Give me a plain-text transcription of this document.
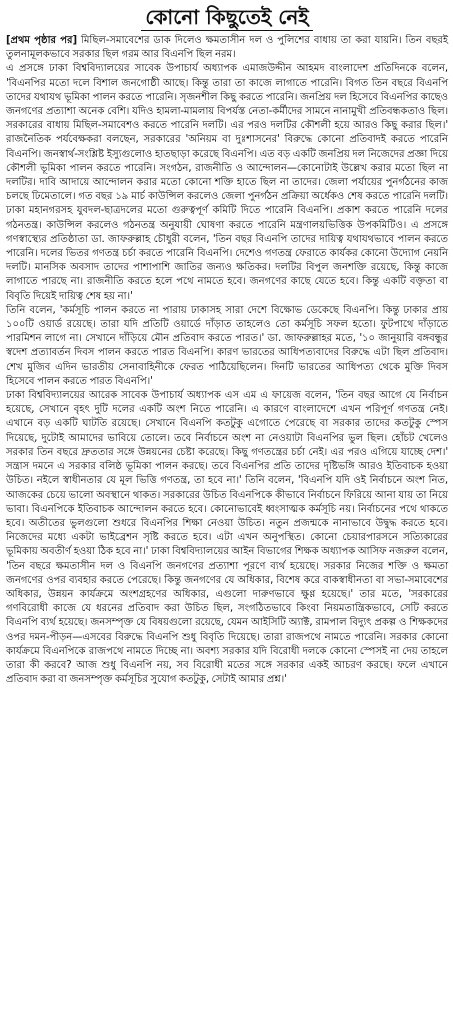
কোনো কিছুতেই নেই

[প্রথম পৃষ্ঠার পর] মিছিল-সমাবেশের ডাক দিলেও ক্ষমতাসীন দল ও পুলিশের বাধায় তা করা যায়নি। তিন বছরই তুলনামূলকভাবে সরকার ছিল গরম আর বিএনপি ছিল নরম।

এ প্রসঙ্গে ঢাকা বিশ্ববিদ্যালয়ের সাবেক উপাচার্য অধ্যাপক এমাজউদ্দীন আহমদ বাংলাদেশ প্রতিদিনকে বলেন, 'বিএনপির মতো দলে বিশাল জনগোষ্ঠী আছে। কিন্তু তারা তা কাজে লাগাতে পারেনি। বিগত তিন বছরে বিএনপি তাদের যথাযথ ভূমিকা পালন করতে পারেনি। সৃজনশীল কিছু করতে পারেনি। জনপ্রিয় দল হিসেবে বিএনপির কাছেও জনগণের প্রত্যাশা অনেক বেশি। যদিও হামলা-মামলায় বিপর্যস্ত নেতা-কর্মীদের সামনে নানামুখী প্রতিবন্ধকতাও ছিল। সরকারের বাধায় মিছিল-সমাবেশও করতে পারেনি দলটি। এর পরও দলটির কৌশলী হয়ে আরও কিছু করার ছিল।' রাজনৈতিক পর্যবেক্ষকরা বলছেন, সরকারের 'অনিয়ম বা দুঃশাসনের' বিরুদ্ধে কোনো প্রতিবাদই করতে পারেনি বিএনপি। জনস্বার্থ-সংশ্লিষ্ট ইস্যুগুলোও হাতছাড়া করেছে বিএনপি। এত বড় একটি জনপ্রিয় দল নিজেদের প্রজ্ঞা দিয়ে কৌশলী ভূমিকা পালন করতে পারেনি। সংগঠন, রাজনীতি ও আন্দোলন—কোনোটাই উল্লেখ করার মতো ছিল না দলটির। দাবি আদায়ে আন্দোলন করার মতো কোনো শক্তি হাতে ছিল না তাদের। জেলা পর্যায়ের পুনর্গঠনের কাজ চলছে ঢিমেতালে। গত বছর ১৯ মার্চ কাউন্সিল করলেও জেলা পুনর্গঠন প্রক্রিয়া অর্ধেকও শেষ করতে পারেনি দলটি। ঢাকা মহানগরসহ যুবদল-ছাত্রদলের মতো গুরুত্বপূর্ণ কমিটি দিতে পারেনি বিএনপি। প্রকাশ করতে পারেনি দলের গঠনতন্ত্র। কাউন্সিল করলেও গঠনতন্ত্র অনুযায়ী ঘোষণা করতে পারেনি মন্ত্রণালয়ভিত্তিক উপকমিটিও। এ প্রসঙ্গে গণস্বাস্থ্যের প্রতিষ্ঠাতা ডা. জাফরুল্লাহ চৌধুরী বলেন, 'তিন বছর বিএনপি তাদের দায়িত্ব যথাযথভাবে পালন করতে পারেনি। দলের ভিতর গণতন্ত্র চর্চা করতে পারেনি বিএনপি। দেশেও গণতন্ত্র ফেরাতে কার্যকর কোনো উদ্যোগ নেয়নি দলটি। মানসিক অবসাদ তাদের পাশাপাশি জাতির জন্যও ক্ষতিকর। দলটির বিপুল জনশক্তি রয়েছে, কিন্তু কাজে লাগাতে পারছে না। রাজনীতি করতে হলে পথে নামতে হবে। জনগণের কাছে যেতে হবে। কিন্তু একটি বক্তৃতা বা বিবৃতি দিয়েই দায়িত্ব শেষ হয় না।'

তিনি বলেন, 'কর্মসূচি পালন করতে না পারায় ঢাকাসহ সারা দেশে বিক্ষোভ ডেকেছে বিএনপি। কিন্তু ঢাকার প্রায় ১০০টি ওয়ার্ড রয়েছে। তারা যদি প্রতিটি ওয়ার্ডে দাঁড়াত তাহলেও তো কর্মসূচি সফল হতো। ফুটপাথে দাঁড়াতে পারমিশন লাগে না। সেখানে দাঁড়িয়ে মৌন প্রতিবাদ করতে পারত।' ডা. জাফরুল্লাহর মতে, '১০ জানুয়ারি বঙ্গবন্ধুর স্বদেশ প্রত্যাবর্তন দিবস পালন করতে পারত বিএনপি। কারণ ভারতের আধিপত্যবাদের বিরুদ্ধে এটা ছিল প্রতিবাদ। শেখ মুজিব এদিন ভারতীয় সেনাবাহিনীকে ফেরত পাঠিয়েছিলেন। দিনটি ভারতের আধিপত্য থেকে মুক্তি দিবস হিসেবে পালন করতে পারত বিএনপি।'

ঢাকা বিশ্ববিদ্যালয়ের আরেক সাবেক উপাচার্য অধ্যাপক এস এম এ ফায়েজ বলেন, 'তিন বছর আগে যে নির্বাচন হয়েছে, সেখানে বৃহৎ দুটি দলের একটি অংশ নিতে পারেনি। এ কারণে বাংলাদেশে এখন পরিপূর্ণ গণতন্ত্র নেই। এখানে বড় একটি ঘাটতি রয়েছে। সেখানে বিএনপি কতটুকু এগোতে পেরেছে বা সরকার তাদের কতটুকু স্পেস দিয়েছে, দুটোই আমাদের ভাবিয়ে তোলে। তবে নির্বাচনে অংশ না নেওয়াটা বিএনপির ভুল ছিল। হোঁচট খেলেও সরকার তিন বছরে দ্রুততার সঙ্গে উন্নয়নের চেষ্টা করেছে। কিছু গণতন্ত্রের চর্চা নেই। এর পরও এগিয়ে যাচ্ছে দেশ।' সন্ত্রাস দমনে এ সরকার বলিষ্ঠ ভূমিকা পালন করছে। তবে বিএনপির প্রতি তাদের দৃষ্টিভঙ্গি আরও ইতিবাচক হওয়া উচিত। নইলে স্বাধীনতার যে মূল ভিত্তি গণতন্ত্র, তা হবে না।' তিনি বলেন, 'বিএনপি যদি ওই নির্বাচনে অংশ নিত, আজকের চেয়ে ভালো অবস্থানে থাকত। সরকারের উচিত বিএনপিকে কীভাবে নির্বাচনে ফিরিয়ে আনা যায় তা নিয়ে ভাবা। বিএনপিকে ইতিবাচক আন্দোলন করতে হবে। কোনোভাবেই ধ্বংসাত্মক কর্মসূচি নয়। নির্বাচনের পথে থাকতে হবে। অতীতের ভুলগুলো শুধরে বিএনপির শিক্ষা নেওয়া উচিত। নতুন প্রজন্মকে নানাভাবে উদ্বুদ্ধ করতে হবে। নিজেদের মধ্যে একটা ভাইব্রেশন সৃষ্টি করতে হবে। এটা এখন অনুপস্থিত। কোনো চেয়ারপারসনে সত্যিকারের ভূমিকায় অবতীর্ণ হওয়া ঠিক হবে না।' ঢাকা বিশ্ববিদ্যালয়ের আইন বিভাগের শিক্ষক অধ্যাপক আসিফ নজরুল বলেন, 'তিন বছরে ক্ষমতাসীন দল ও বিএনপি জনগণের প্রত্যাশা পূরণে ব্যর্থ হয়েছে। সরকার নিজের শক্তি ও ক্ষমতা জনগণের ওপর ব্যবহার করতে পেরেছে। কিন্তু জনগণের যে অধিকার, বিশেষ করে বাকস্বাধীনতা বা সভা-সমাবেশের অধিকার, উন্নয়ন কার্যক্রমে অংশগ্রহণের অধিকার, এগুলো দারুণভাবে ক্ষুণ্ণ হয়েছে।' তার মতে, 'সরকারের গণবিরোধী কাজে যে ধরনের প্রতিবাদ করা উচিত ছিল, সংগঠিতভাবে কিংবা নিয়মতান্ত্রিকভাবে, সেটি করতে বিএনপি ব্যর্থ হয়েছে। জনসম্পৃক্ত যে বিষয়গুলো রয়েছে, যেমন আইসিটি অ্যাক্ট, রামপাল বিদ্যুৎ প্রকল্প ও শিক্ষকদের ওপর দমন-পীড়ন—এসবের বিরুদ্ধে বিএনপি শুধু বিবৃতি দিয়েছে। তারা রাজপথে নামতে পারেনি। সরকার কোনো কার্যক্রমে বিএনপিকে রাজপথে নামতে দিচ্ছে না। অবশ্য সরকার যদি বিরোধী দলকে কোনো স্পেসই না দেয় তাহলে তারা কী করবে? আজ শুধু বিএনপি নয়, সব বিরোধী মতের সঙ্গে সরকার একই আচরণ করছে। ফলে এখানে প্রতিবাদ করা বা জনসম্পৃক্ত কর্মসূচির সুযোগ কতটুকু, সেটাই আমার প্রশ্ন।'
